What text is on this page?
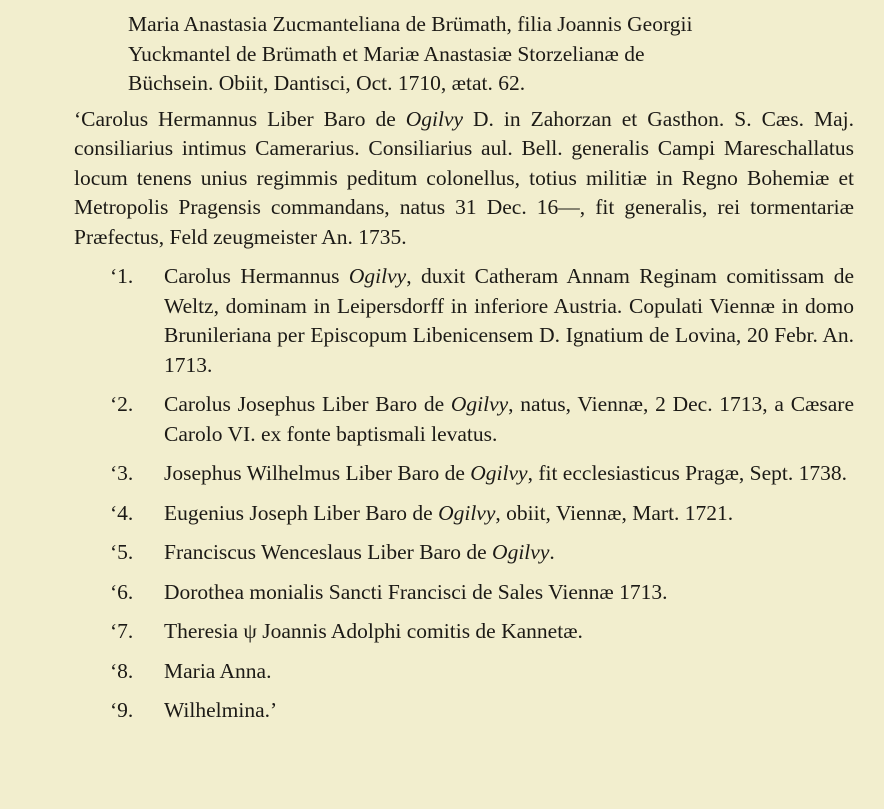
Maria Anastasia Zucmanteliana de Brümath, filia Joannis Georgii
Yuckmantel de Brümath et Mariæ Anastasiæ Storzelianæ de
Büchsein. Obiit, Dantisci, Oct. 1710, ætat. 62.
‘Carolus Hermannus Liber Baro de Ogilvy D. in Zahorzan et Gasthon. S. Cæs. Maj. consiliarius intimus Camerarius. Consiliarius aul. Bell. generalis Campi Mareschallatus locum tenens unius regimmis peditum colonellus, totius militiæ in Regno Bohemiæ et Metropolis Pragensis commandans, natus 31 Dec. 16—, fit generalis, rei tormentariæ Præfectus, Feld zeugmeister An. 1735.
‘1. Carolus Hermannus Ogilvy, duxit Catheram Annam Reginam comitissam de Weltz, dominam in Leipersdorff in inferiore Austria. Copulati Viennæ in domo Brunileriana per Episcopum Libenicensem D. Ignatium de Lovina, 20 Febr. An. 1713.
‘2. Carolus Josephus Liber Baro de Ogilvy, natus, Viennæ, 2 Dec. 1713, a Cæsare Carolo VI. ex fonte baptismali levatus.
‘3. Josephus Wilhelmus Liber Baro de Ogilvy, fit ecclesiasticus Pragæ, Sept. 1738.
‘4. Eugenius Joseph Liber Baro de Ogilvy, obiit, Viennæ, Mart. 1721.
‘5. Franciscus Wenceslaus Liber Baro de Ogilvy.
‘6. Dorothea monialis Sancti Francisci de Sales Viennæ 1713.
‘7. Theresia ψ Joannis Adolphi comitis de Kannetæ.
‘8. Maria Anna.
‘9. Wilhelmina.’
